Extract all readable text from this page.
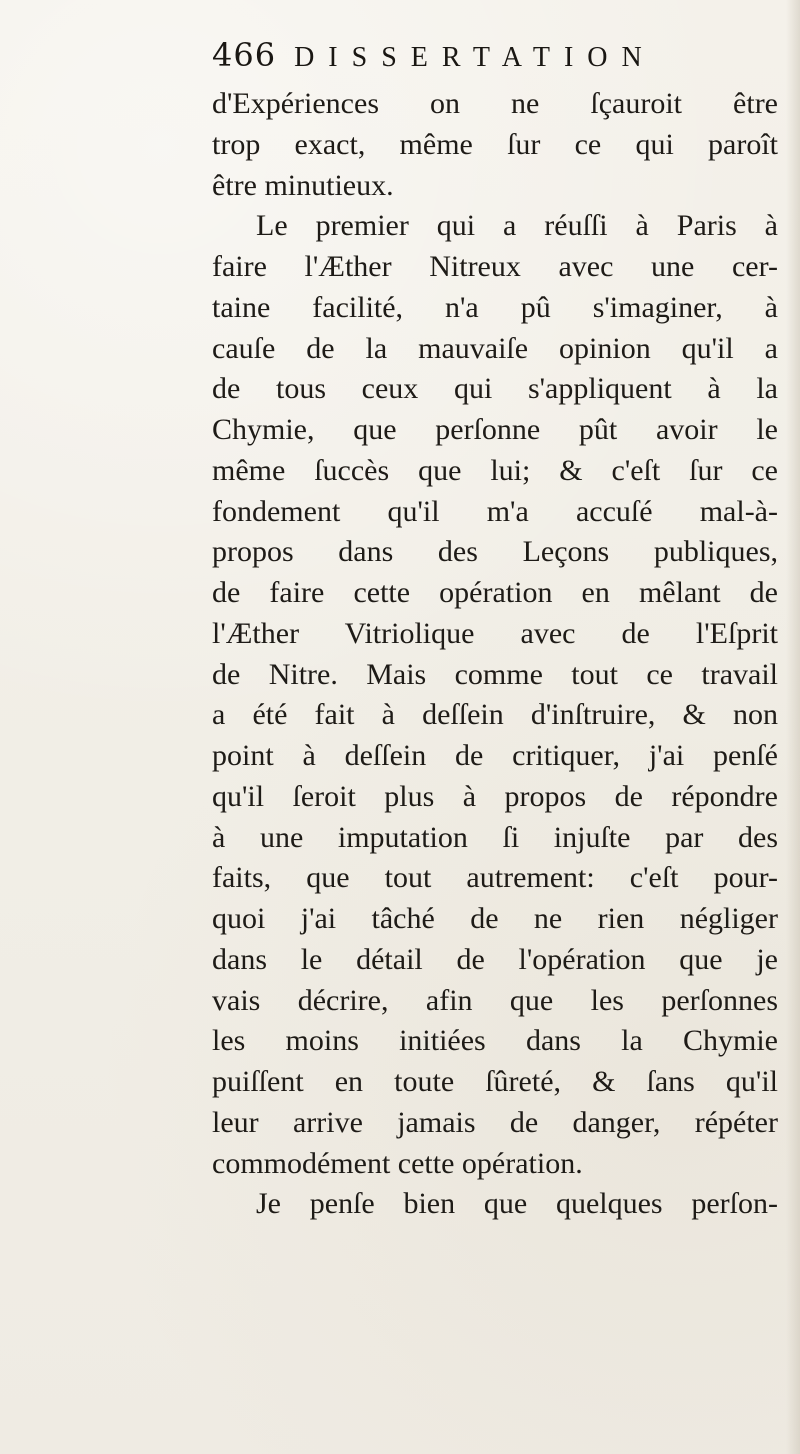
466 DISSERTATION
d'Expériences on ne ſçauroit être
trop exact, même ſur ce qui paroît
être minutieux.
Le premier qui a réuſſi à Paris à
faire l'Æther Nitreux avec une cer-
taine facilité, n'a pû s'imaginer, à
cauſe de la mauvaiſe opinion qu'il a
de tous ceux qui s'appliquent à la
Chymie, que perſonne pût avoir le
même ſuccès que lui; & c'eſt ſur ce
fondement qu'il m'a accuſé mal-à-
propos dans des Leçons publiques,
de faire cette opération en mêlant de
l'Æther Vitriolique avec de l'Eſprit
de Nitre. Mais comme tout ce travail
a été fait à deſſein d'inſtruire, & non
point à deſſein de critiquer, j'ai penſé
qu'il ſeroit plus à propos de répondre
à une imputation ſi injuſte par des
faits, que tout autrement: c'eſt pour-
quoi j'ai tâché de ne rien négliger
dans le détail de l'opération que je
vais décrire, afin que les perſonnes
les moins initiées dans la Chymie
puiſſent en toute ſûreté, & ſans qu'il
leur arrive jamais de danger, répéter
commodément cette opération.
Je penſe bien que quelques perſon-
